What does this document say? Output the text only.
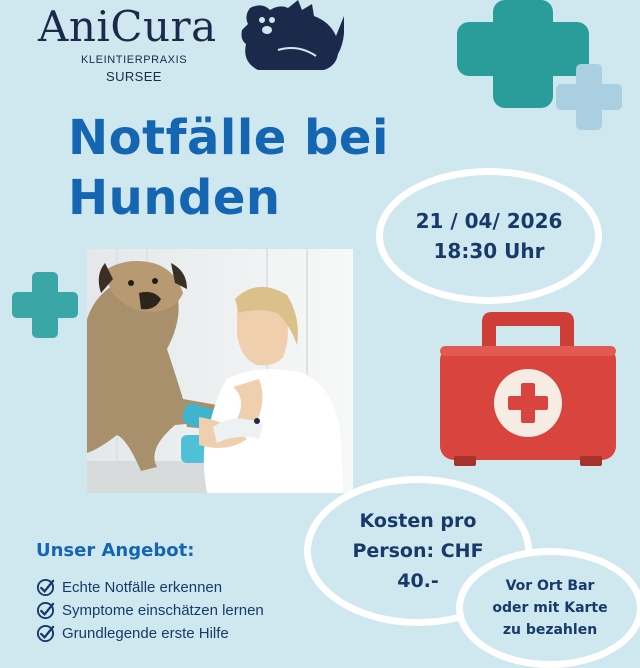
AniCura
KLEINTIERPRAXIS
SURSEE
Notfälle bei
Hunden	21 / 04/ 2026
18:30 Uhr
Unser Angebot:
Echte Notfälle erkennen
Symptome einschätzen lernen
Grundlegende erste Hilfe
Kosten pro
Person: CHF
40.-	Vor Ort Bar
oder mit Karte
zu bezahlen
